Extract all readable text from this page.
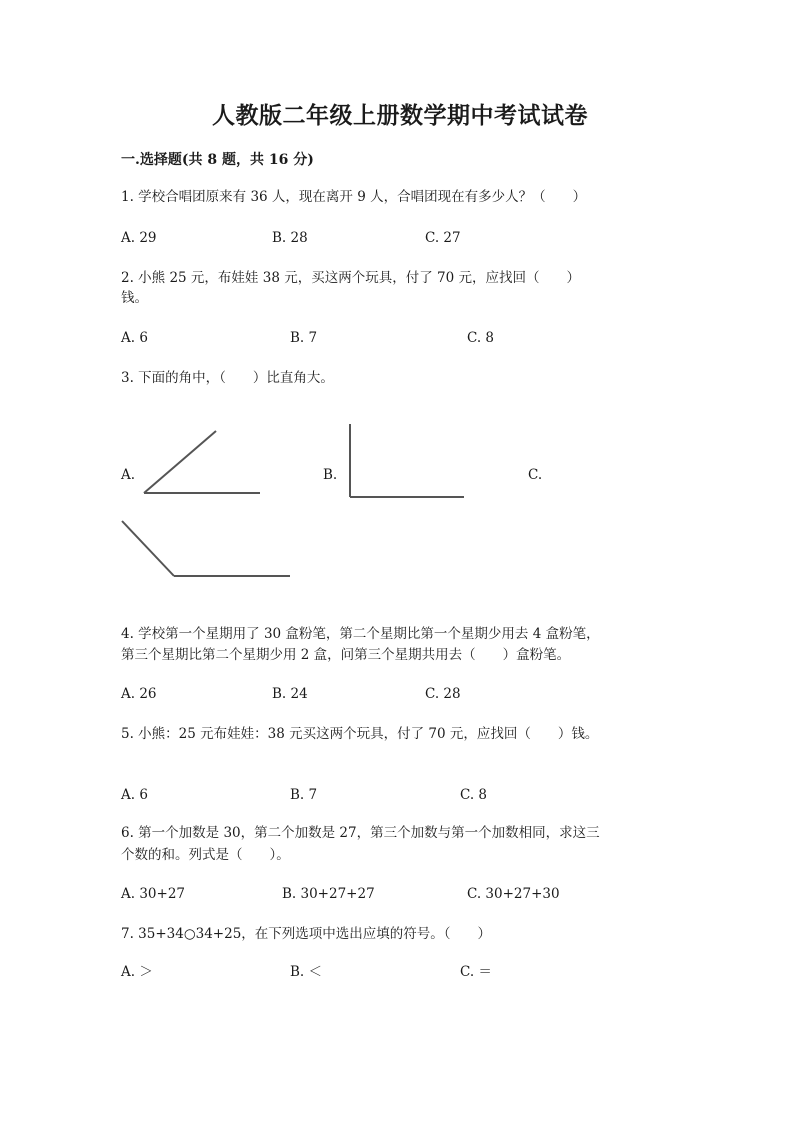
人教版二年级上册数学期中考试试卷
一.选择题(共 8 题，共 16 分)
1. 学校合唱团原来有 36 人，现在离开 9 人，合唱团现在有多少人？（　　）
A. 29	B. 28	C. 27
2. 小熊 25 元，布娃娃 38 元，买这两个玩具，付了 70 元，应找回（　　）
钱。
A. 6	B. 7	C. 8
3. 下面的角中，（　　）比直角大。
A.	B.	C.
4. 学校第一个星期用了 30 盒粉笔，第二个星期比第一个星期少用去 4 盒粉笔，
第三个星期比第二个星期少用 2 盒，问第三个星期共用去（　　）盒粉笔。
A. 26	B. 24	C. 28
5. 小熊：25 元布娃娃：38 元买这两个玩具，付了 70 元，应找回（　　）钱。
A. 6	B. 7	C. 8
6. 第一个加数是 30，第二个加数是 27，第三个加数与第一个加数相同，求这三
个数的和。列式是（　　）。
A. 30+27	B. 30+27+27	C. 30+27+30
7. 35+34○34+25，在下列选项中选出应填的符号。（　　）
A. ＞	B. ＜	C. ＝
